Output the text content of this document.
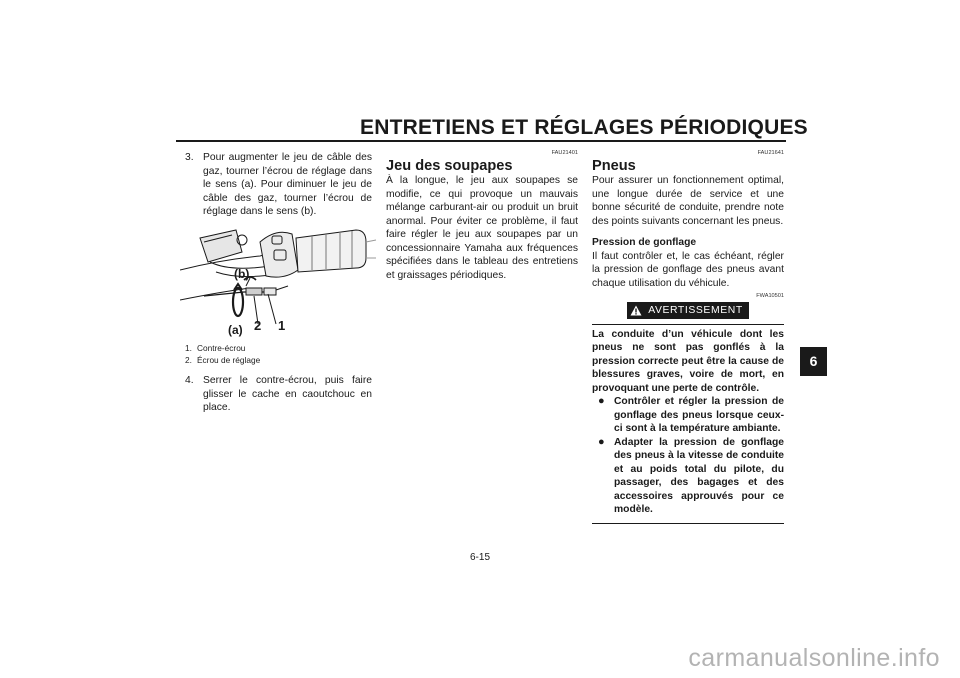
ENTRETIENS ET RÉGLAGES PÉRIODIQUES
6
3. Pour augmenter le jeu de câble des gaz, tourner l’écrou de réglage dans le sens (a). Pour diminuer le jeu de câble des gaz, tourner l’écrou de réglage dans le sens (b).
(b)
(a) 2 1
1. Contre-écrou
2. Écrou de réglage
4. Serrer le contre-écrou, puis faire glisser le cache en caoutchouc en place.
FAU21401
Jeu des soupapes
À la longue, le jeu aux soupapes se modifie, ce qui provoque un mauvais mélange carburant-air ou produit un bruit anormal. Pour éviter ce problème, il faut faire régler le jeu aux soupapes par un concessionnaire Yamaha aux fréquences spécifiées dans le tableau des entretiens et graissages périodiques.
FAU21641
Pneus
Pour assurer un fonctionnement optimal, une longue durée de service et une bonne sécurité de conduite, prendre note des points suivants concernant les pneus.
Pression de gonflage
Il faut contrôler et, le cas échéant, régler la pression de gonflage des pneus avant chaque utilisation du véhicule.
FWA10501
AVERTISSEMENT
La conduite d’un véhicule dont les pneus ne sont pas gonflés à la pression correcte peut être la cause de blessures graves, voire de mort, en provoquant une perte de contrôle.
● Contrôler et régler la pression de gonflage des pneus lorsque ceux-ci sont à la température ambiante.
● Adapter la pression de gonflage des pneus à la vitesse de conduite et au poids total du pilote, du passager, des bagages et des accessoires approuvés pour ce modèle.
6-15
carmanualsonline.info
